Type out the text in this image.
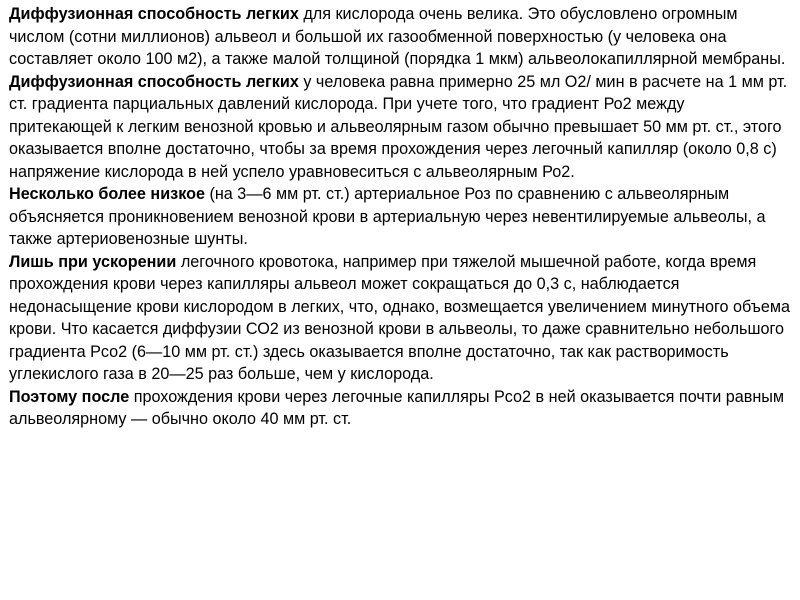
Диффузионная способность легких для кислорода очень велика. Это обусловлено огромным числом (сотни миллионов) альвеол и большой их газообменной поверхностью (у человека она составляет около 100 м2), а также малой толщиной (порядка 1 мкм) альвеолокапиллярной мембраны.

Диффузионная способность легких у человека равна примерно 25 мл О2/ мин в расчете на 1 мм рт. ст. градиента парциальных давлений кислорода. При учете того, что градиент Ро2 между притекающей к легким венозной кровью и альвеолярным газом обычно превышает 50 мм рт. ст., этого оказывается вполне достаточно, чтобы за время прохождения через легочный капилляр (около 0,8 с) напряжение кислорода в ней успело уравновеситься с альвеолярным Ро2.

Несколько более низкое (на 3—6 мм рт. ст.) артериальное Роз по сравнению с альвеолярным объясняется проникновением венозной крови в артериальную через невентилируемые альвеолы, а также артериовенозные шунты.

Лишь при ускорении легочного кровотока, например при тяжелой мышечной работе, когда время прохождения крови через капилляры альвеол может сокращаться до 0,3 с, наблюдается недонасыщение крови кислородом в легких, что, однако, возмещается увеличением минутного объема крови. Что касается диффузии СО2 из венозной крови в альвеолы, то даже сравнительно небольшого градиента Рсо2 (6—10 мм рт. ст.) здесь оказывается вполне достаточно, так как растворимость углекислого газа в 20—25 раз больше, чем у кислорода.

Поэтому после прохождения крови через легочные капилляры Рсо2 в ней оказывается почти равным альвеолярному — обычно около 40 мм рт. ст.
